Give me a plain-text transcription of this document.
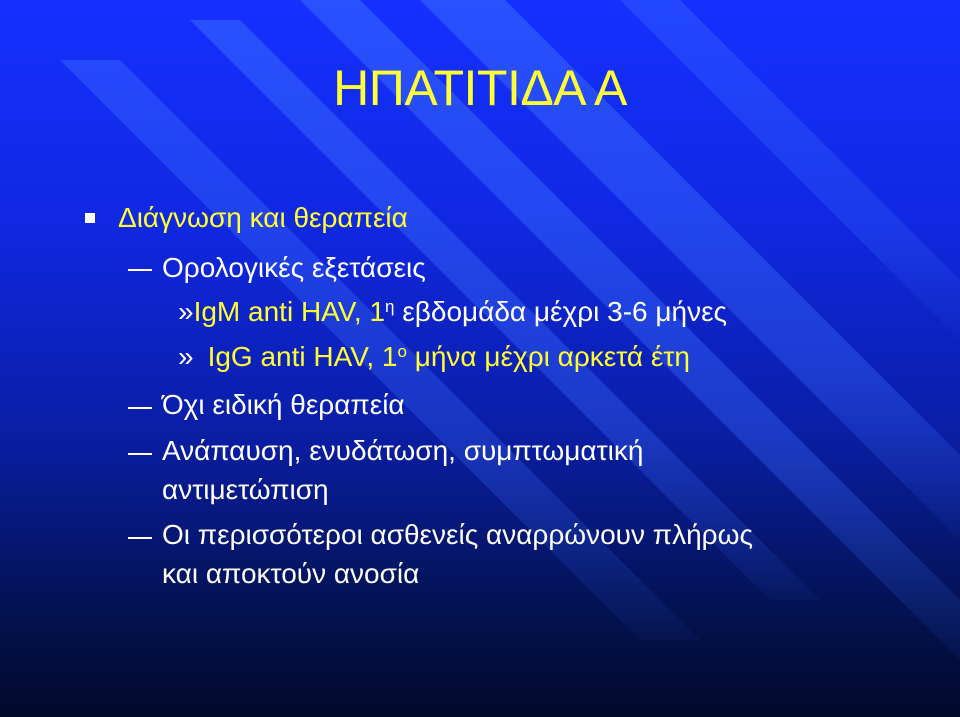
ΗΠΑΤΙΤΙΔΑ Α
Διάγνωση και θεραπεία
Ορολογικές εξετάσεις
»IgM anti HAV, $1^\eta$ εβδομάδα μέχρι 3-6 μήνες
» IgG anti HAV, $1^o$ μήνα μέχρι αρκετά έτη
Όχι ειδική θεραπεία
Ανάπαυση, ενυδάτωση, συμπτωματική
αντιμετώπιση
Οι περισσότεροι ασθενείς αναρρώνουν πλήρως
και αποκτούν ανοσία
